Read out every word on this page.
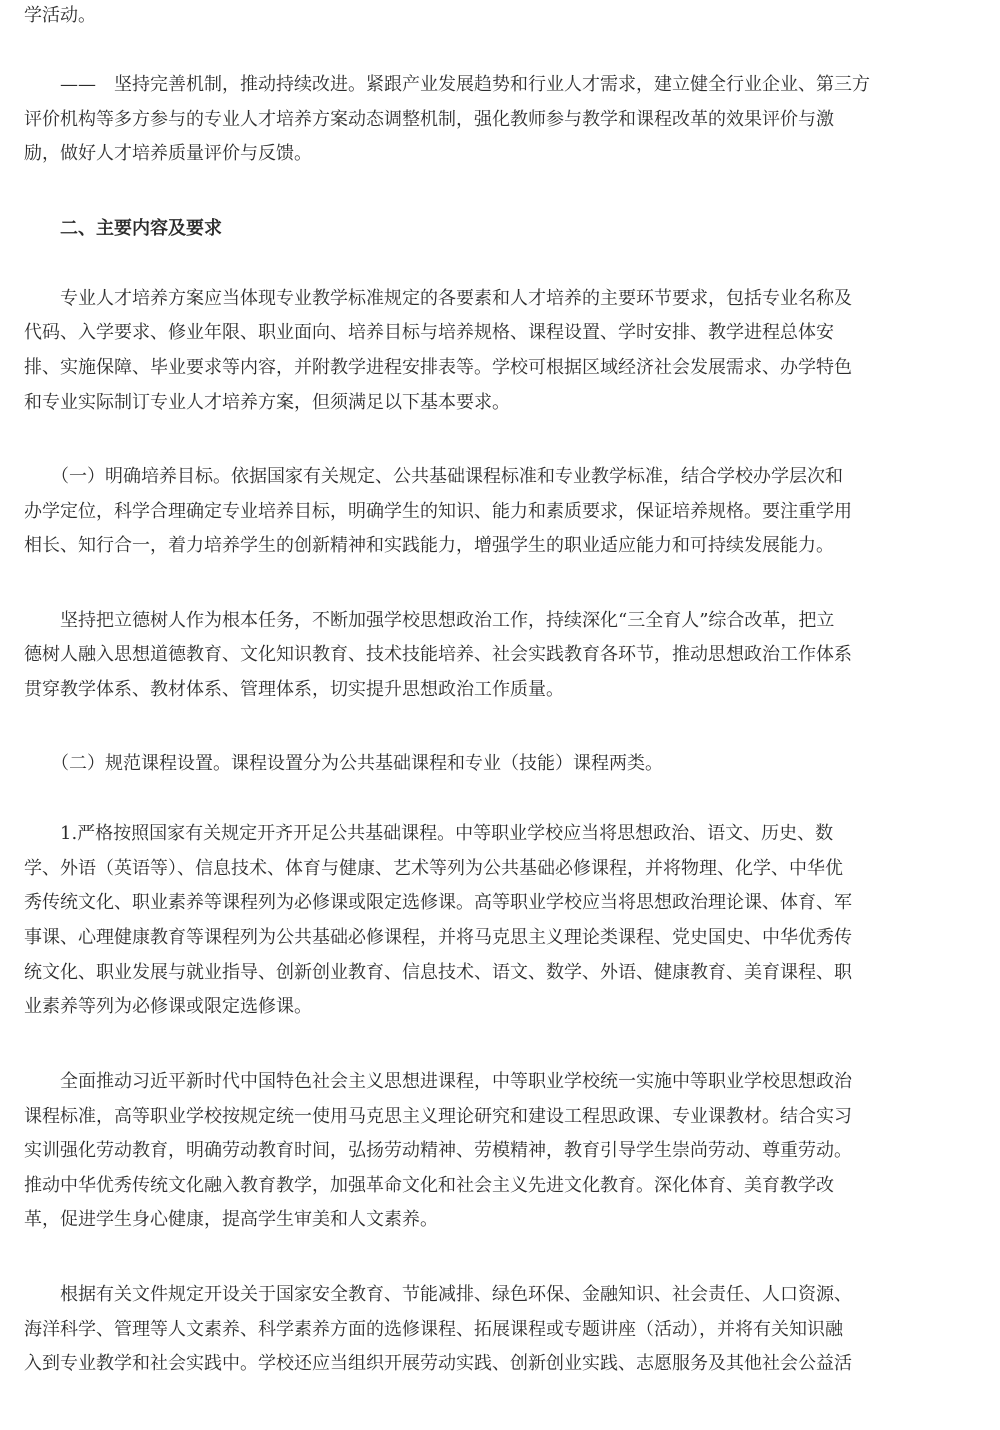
学活动。
　　——　坚持完善机制，推动持续改进。紧跟产业发展趋势和行业人才需求，建立健全行业企业、第三方
评价机构等多方参与的专业人才培养方案动态调整机制，强化教师参与教学和课程改革的效果评价与激
励，做好人才培养质量评价与反馈。
　　二、主要内容及要求
　　专业人才培养方案应当体现专业教学标准规定的各要素和人才培养的主要环节要求，包括专业名称及
代码、入学要求、修业年限、职业面向、培养目标与培养规格、课程设置、学时安排、教学进程总体安
排、实施保障、毕业要求等内容，并附教学进程安排表等。学校可根据区域经济社会发展需求、办学特色
和专业实际制订专业人才培养方案，但须满足以下基本要求。
　　（一）明确培养目标。依据国家有关规定、公共基础课程标准和专业教学标准，结合学校办学层次和
办学定位，科学合理确定专业培养目标，明确学生的知识、能力和素质要求，保证培养规格。要注重学用
相长、知行合一，着力培养学生的创新精神和实践能力，增强学生的职业适应能力和可持续发展能力。
　　坚持把立德树人作为根本任务，不断加强学校思想政治工作，持续深化“三全育人”综合改革，把立
德树人融入思想道德教育、文化知识教育、技术技能培养、社会实践教育各环节，推动思想政治工作体系
贯穿教学体系、教材体系、管理体系，切实提升思想政治工作质量。
　　（二）规范课程设置。课程设置分为公共基础课程和专业（技能）课程两类。
　　1.严格按照国家有关规定开齐开足公共基础课程。中等职业学校应当将思想政治、语文、历史、数
学、外语（英语等）、信息技术、体育与健康、艺术等列为公共基础必修课程，并将物理、化学、中华优
秀传统文化、职业素养等课程列为必修课或限定选修课。高等职业学校应当将思想政治理论课、体育、军
事课、心理健康教育等课程列为公共基础必修课程，并将马克思主义理论类课程、党史国史、中华优秀传
统文化、职业发展与就业指导、创新创业教育、信息技术、语文、数学、外语、健康教育、美育课程、职
业素养等列为必修课或限定选修课。
　　全面推动习近平新时代中国特色社会主义思想进课程，中等职业学校统一实施中等职业学校思想政治
课程标准，高等职业学校按规定统一使用马克思主义理论研究和建设工程思政课、专业课教材。结合实习
实训强化劳动教育，明确劳动教育时间，弘扬劳动精神、劳模精神，教育引导学生崇尚劳动、尊重劳动。
推动中华优秀传统文化融入教育教学，加强革命文化和社会主义先进文化教育。深化体育、美育教学改
革，促进学生身心健康，提高学生审美和人文素养。
　　根据有关文件规定开设关于国家安全教育、节能减排、绿色环保、金融知识、社会责任、人口资源、
海洋科学、管理等人文素养、科学素养方面的选修课程、拓展课程或专题讲座（活动），并将有关知识融
入到专业教学和社会实践中。学校还应当组织开展劳动实践、创新创业实践、志愿服务及其他社会公益活
